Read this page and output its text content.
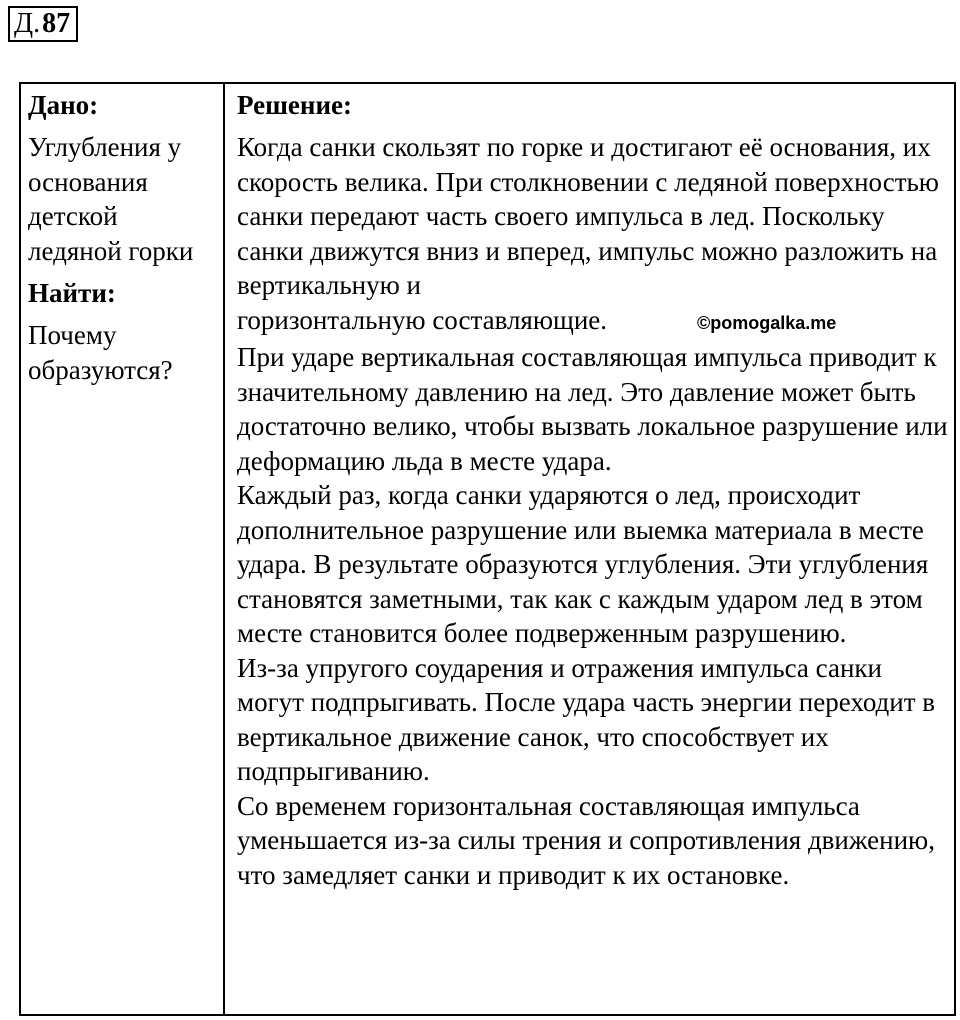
Д. 87

Дано:

Углубления у основания детской ледяной горки

Найти:

Почему образуются?

Решение:

Когда санки скользят по горке и достигают её основания, их скорость велика. При столкновении с ледяной поверхностью санки передают часть своего импульса в лед. Поскольку санки движутся вниз и вперед, импульс можно разложить на вертикальную и

горизонтальную составляющие.	©pomogalka.me

При ударе вертикальная составляющая импульса приводит к значительному давлению на лед. Это давление может быть достаточно велико, чтобы вызвать локальное разрушение или деформацию льда в месте удара.

Каждый раз, когда санки ударяются о лед, происходит дополнительное разрушение или выемка материала в месте удара. В результате образуются углубления. Эти углубления становятся заметными, так как с каждым ударом лед в этом месте становится более подверженным разрушению.

Из-за упругого соударения и отражения импульса санки могут подпрыгивать. После удара часть энергии переходит в вертикальное движение санок, что способствует их подпрыгиванию.

Со временем горизонтальная составляющая импульса уменьшается из-за силы трения и сопротивления движению, что замедляет санки и приводит к их остановке.
